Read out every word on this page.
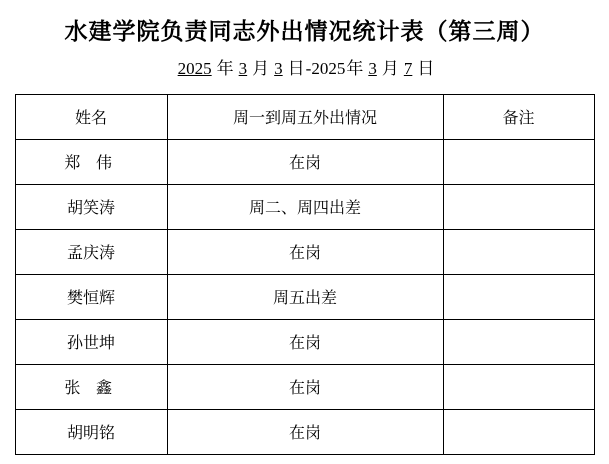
水建学院负责同志外出情况统计表（第三周）
2025 年 3 月 3 日-2025年 3 月 7 日
姓名	周一到周五外出情况	备注
郑 伟	在岗	
胡笑涛	周二、周四出差	
孟庆涛	在岗	
樊恒辉	周五出差	
孙世坤	在岗	
张 鑫	在岗	
胡明铭	在岗	
